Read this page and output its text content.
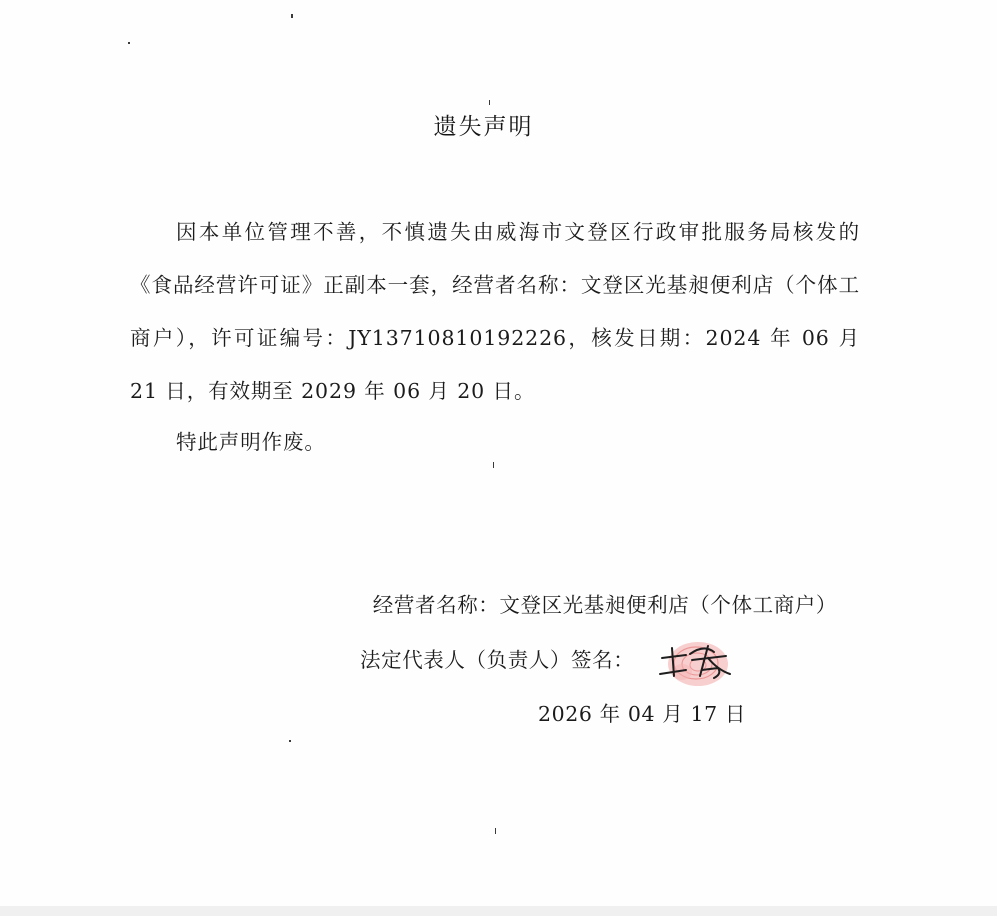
遗失声明

因本单位管理不善，不慎遗失由威海市文登区行政审批服务局核发的《食品经营许可证》正副本一套，经营者名称：文登区光基昶便利店（个体工商户），许可证编号：JY13710810192226，核发日期：2024 年 06 月 21 日，有效期至 2029 年 06 月 20 日。

特此声明作废。

经营者名称：文登区光基昶便利店（个体工商户）
法定代表人（负责人）签名：
2026 年 04 月 17 日
